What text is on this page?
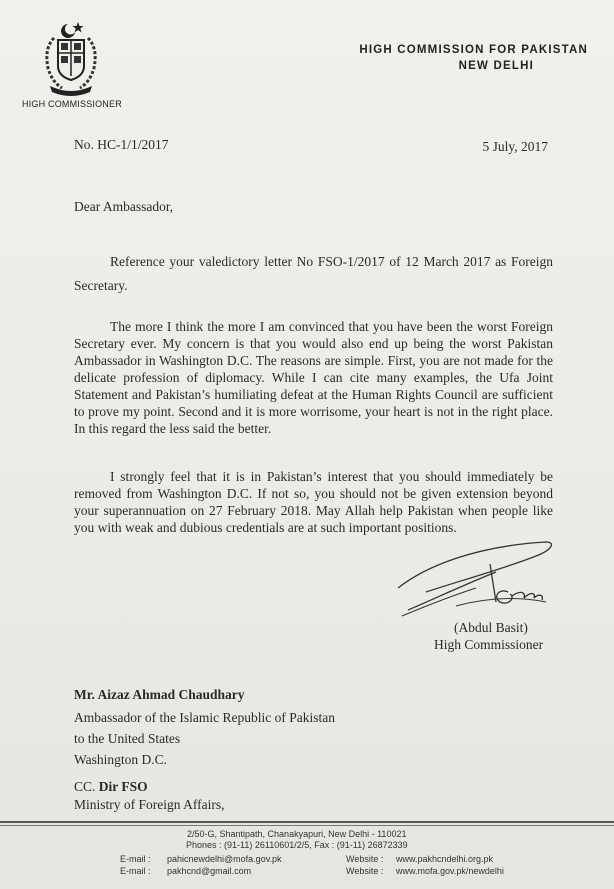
HIGH COMMISSIONER
HIGH COMMISSION FOR PAKISTAN
NEW DELHI
No. HC-1/1/2017	5 July, 2017
Dear Ambassador,
Reference your valedictory letter No FSO-1/2017 of 12 March 2017 as Foreign Secretary.
The more I think the more I am convinced that you have been the worst Foreign Secretary ever. My concern is that you would also end up being the worst Pakistan Ambassador in Washington D.C. The reasons are simple. First, you are not made for the delicate profession of diplomacy. While I can cite many examples, the Ufa Joint Statement and Pakistan’s humiliating defeat at the Human Rights Council are sufficient to prove my point. Second and it is more worrisome, your heart is not in the right place. In this regard the less said the better.
I strongly feel that it is in Pakistan’s interest that you should immediately be removed from Washington D.C. If not so, you should not be given extension beyond your superannuation on 27 February 2018. May Allah help Pakistan when people like you with weak and dubious credentials are at such important positions.
(Abdul Basit)
High Commissioner
Mr. Aizaz Ahmad Chaudhary
Ambassador of the Islamic Republic of Pakistan
to the United States
Washington D.C.
CC. Dir FSO
Ministry of Foreign Affairs,
2/50-G, Shantipath, Chanakyapuri, New Delhi - 110021
Phones : (91-11) 26110601/2/5, Fax : (91-11) 26872339
E-mail : pahicnewdelhi@mofa.gov.pk	Website : www.pakhcndelhi.org.pk
E-mail : pakhcnd@gmail.com	Website : www.mofa.gov.pk/newdelhi
